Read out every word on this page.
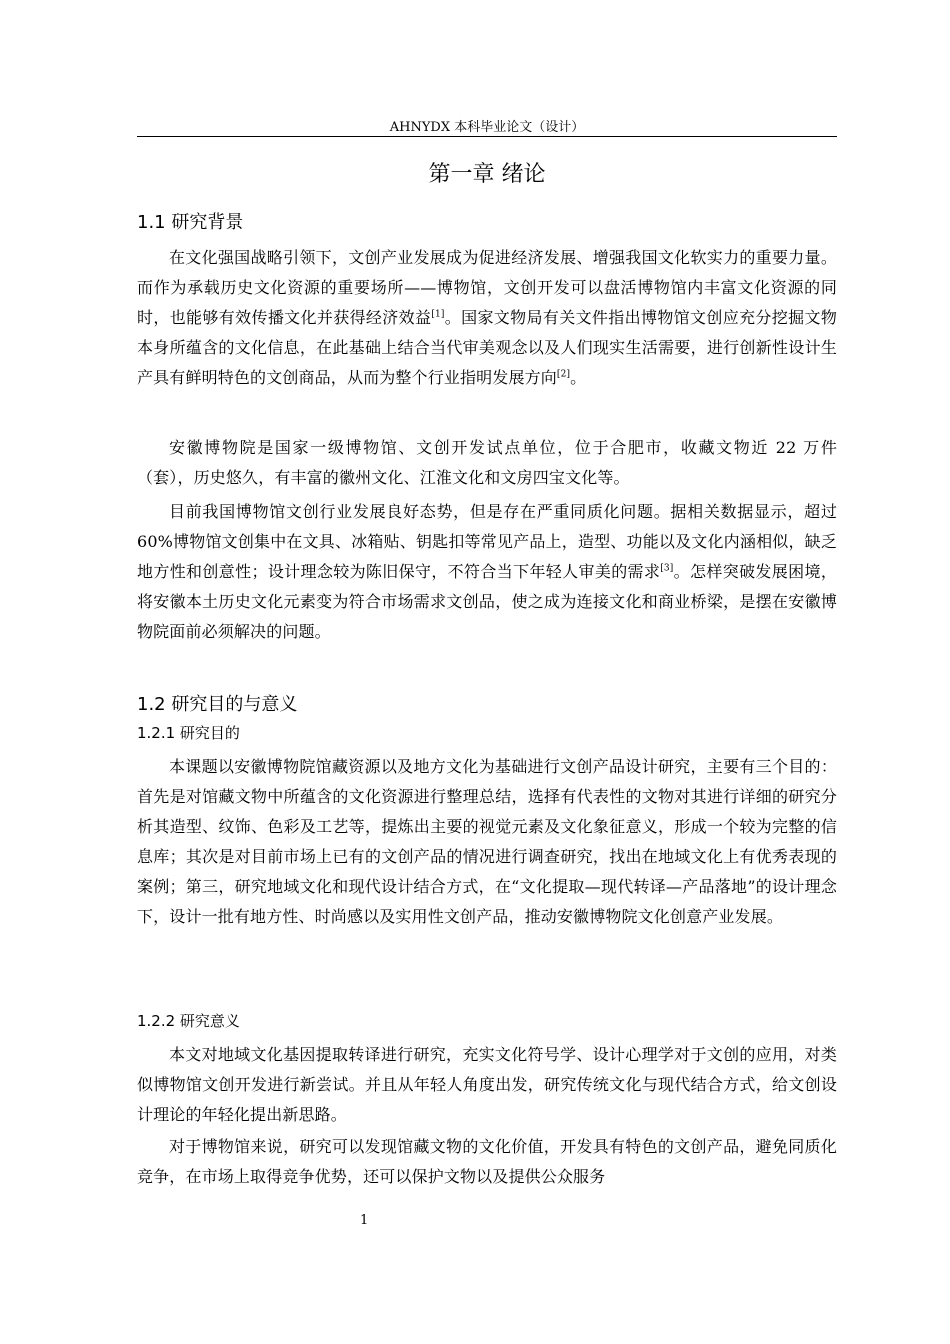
AHNYDX 本科毕业论文（设计）
第一章 绪论
1.1 研究背景
在文化强国战略引领下，文创产业发展成为促进经济发展、增强我国文化软实力的重要力量。而作为承载历史文化资源的重要场所——博物馆，文创开发可以盘活博物馆内丰富文化资源的同时，也能够有效传播文化并获得经济效益[1]。国家文物局有关文件指出博物馆文创应充分挖掘文物本身所蕴含的文化信息，在此基础上结合当代审美观念以及人们现实生活需要，进行创新性设计生产具有鲜明特色的文创商品，从而为整个行业指明发展方向[2]。
安徽博物院是国家一级博物馆、文创开发试点单位，位于合肥市，收藏文物近 22 万件（套），历史悠久，有丰富的徽州文化、江淮文化和文房四宝文化等。
目前我国博物馆文创行业发展良好态势，但是存在严重同质化问题。据相关数据显示，超过 60%博物馆文创集中在文具、冰箱贴、钥匙扣等常见产品上，造型、功能以及文化内涵相似，缺乏地方性和创意性；设计理念较为陈旧保守，不符合当下年轻人审美的需求[3]。怎样突破发展困境，将安徽本土历史文化元素变为符合市场需求文创品，使之成为连接文化和商业桥梁，是摆在安徽博物院面前必须解决的问题。
1.2 研究目的与意义
1.2.1 研究目的
本课题以安徽博物院馆藏资源以及地方文化为基础进行文创产品设计研究，主要有三个目的：首先是对馆藏文物中所蕴含的文化资源进行整理总结，选择有代表性的文物对其进行详细的研究分析其造型、纹饰、色彩及工艺等，提炼出主要的视觉元素及文化象征意义，形成一个较为完整的信息库；其次是对目前市场上已有的文创产品的情况进行调查研究，找出在地域文化上有优秀表现的案例；第三，研究地域文化和现代设计结合方式，在“文化提取—现代转译—产品落地”的设计理念下，设计一批有地方性、时尚感以及实用性文创产品，推动安徽博物院文化创意产业发展。
1.2.2 研究意义
本文对地域文化基因提取转译进行研究，充实文化符号学、设计心理学对于文创的应用，对类似博物馆文创开发进行新尝试。并且从年轻人角度出发，研究传统文化与现代结合方式，给文创设计理论的年轻化提出新思路。
对于博物馆来说，研究可以发现馆藏文物的文化价值，开发具有特色的文创产品，避免同质化竞争，在市场上取得竞争优势，还可以保护文物以及提供公众服务
1
